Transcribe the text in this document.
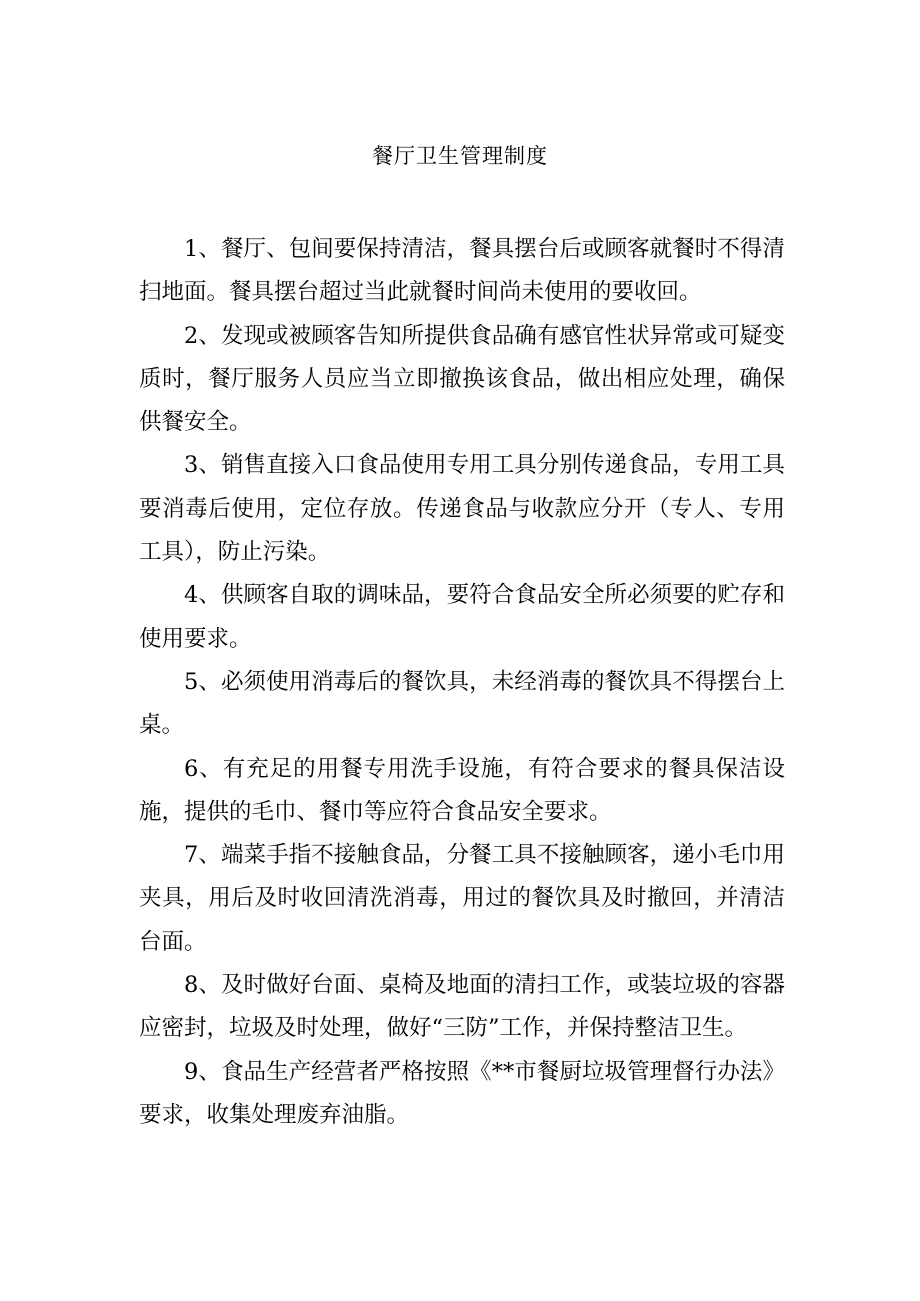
餐厅卫生管理制度

1、餐厅、包间要保持清洁，餐具摆台后或顾客就餐时不得清扫地面。餐具摆台超过当此就餐时间尚未使用的要收回。

2、发现或被顾客告知所提供食品确有感官性状异常或可疑变质时，餐厅服务人员应当立即撤换该食品，做出相应处理，确保供餐安全。

3、销售直接入口食品使用专用工具分别传递食品，专用工具要消毒后使用，定位存放。传递食品与收款应分开（专人、专用工具），防止污染。

4、供顾客自取的调味品，要符合食品安全所必须要的贮存和使用要求。

5、必须使用消毒后的餐饮具，未经消毒的餐饮具不得摆台上桌。

6、有充足的用餐专用洗手设施，有符合要求的餐具保洁设施，提供的毛巾、餐巾等应符合食品安全要求。

7、端菜手指不接触食品，分餐工具不接触顾客，递小毛巾用夹具，用后及时收回清洗消毒，用过的餐饮具及时撤回，并清洁台面。

8、及时做好台面、桌椅及地面的清扫工作，或装垃圾的容器应密封，垃圾及时处理，做好“三防”工作，并保持整洁卫生。

9、食品生产经营者严格按照《**市餐厨垃圾管理督行办法》要求，收集处理废弃油脂。
